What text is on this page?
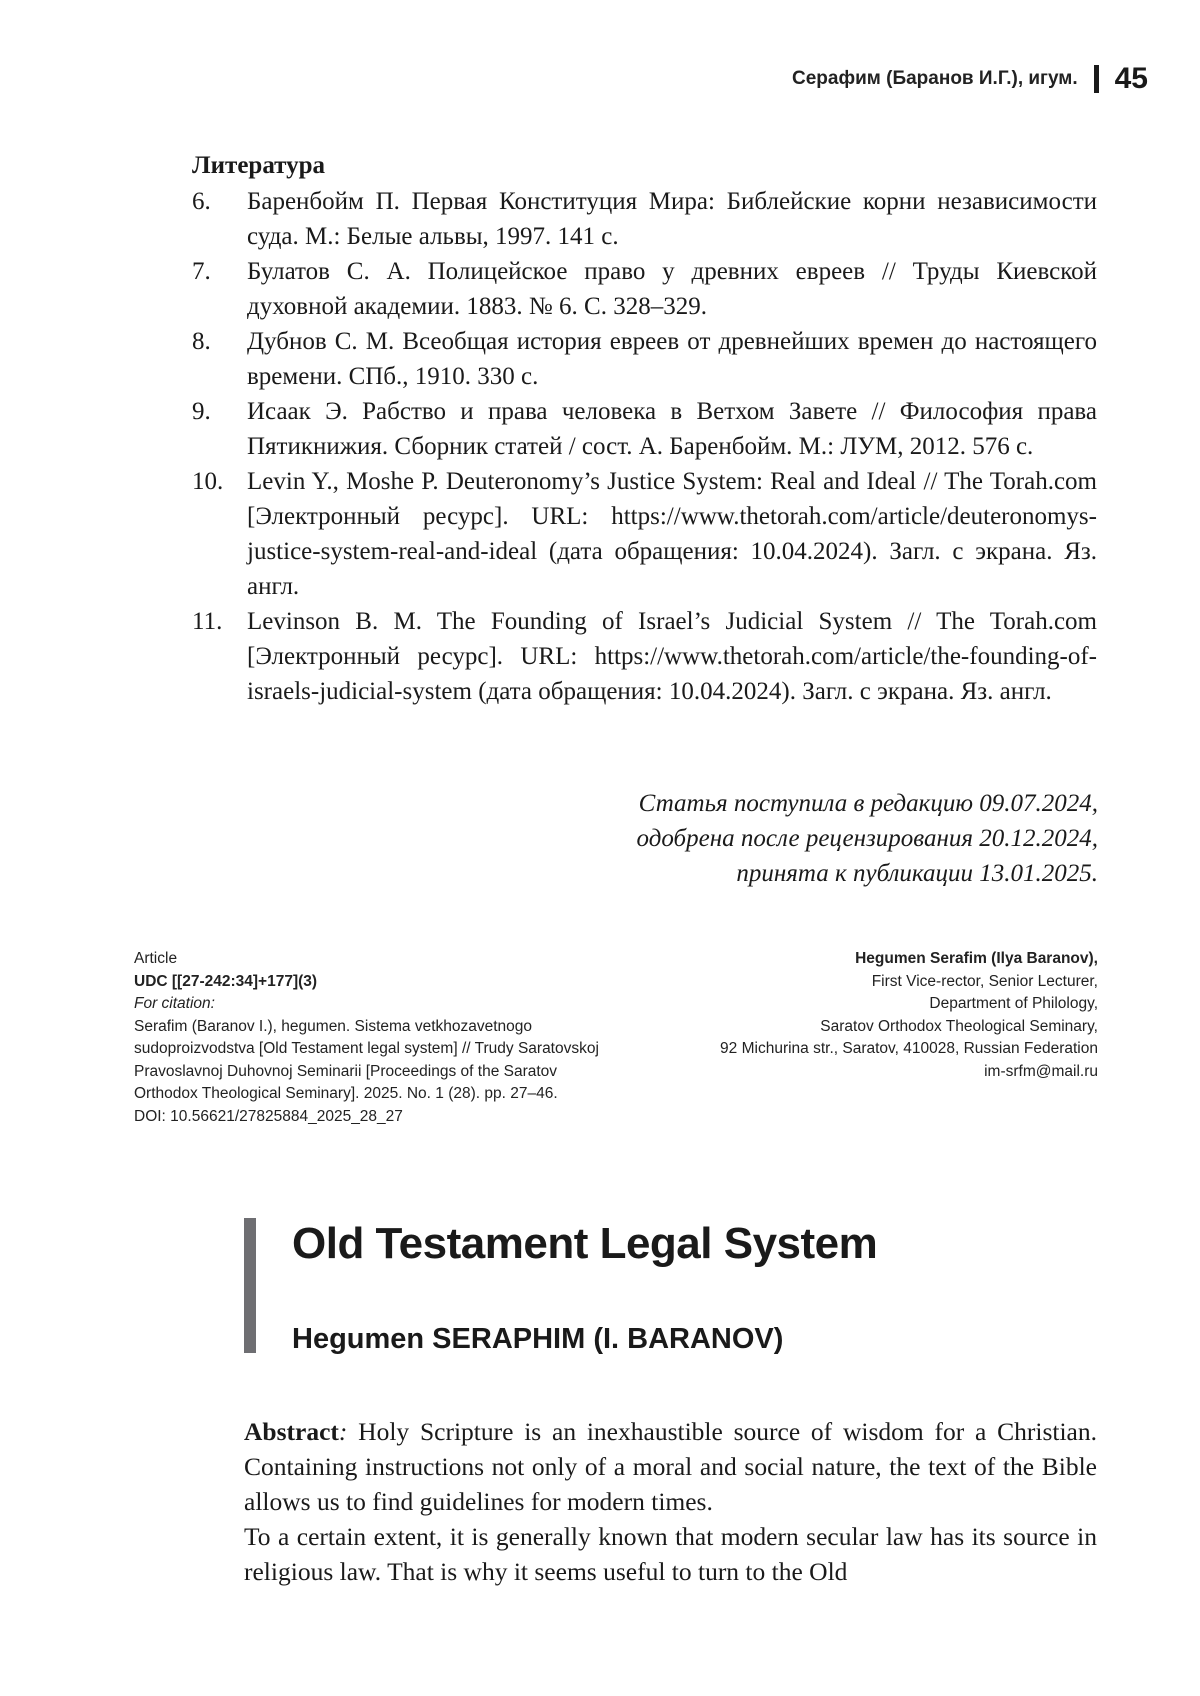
Серафим (Баранов И.Г.), игум. 45
Литература
6.	Баренбойм П. Первая Конституция Мира: Библейские корни независимости суда. М.: Белые альвы, 1997. 141 с.
7.	Булатов С. А. Полицейское право у древних евреев // Труды Киевской духовной академии. 1883. № 6. С. 328–329.
8.	Дубнов С. М. Всеобщая история евреев от древнейших времен до настоящего времени. СПб., 1910. 330 с.
9.	Исаак Э. Рабство и права человека в Ветхом Завете // Философия права Пятикнижия. Сборник статей / сост. А. Баренбойм. М.: ЛУМ, 2012. 576 с.
10. Levin Y., Moshe P. Deuteronomy’s Justice System: Real and Ideal // The Torah.com [Электронный ресурс]. URL: https://www.thetorah.com/article/deuteronomys-justice-system-real-and-ideal (дата обращения: 10.04.2024). Загл. с экрана. Яз. англ.
11. Levinson B. M. The Founding of Israel’s Judicial System // The Torah.com [Электронный ресурс]. URL: https://www.thetorah.com/article/the-founding-of-israels-judicial-system (дата обращения: 10.04.2024). Загл. с экрана. Яз. англ.
Статья поступила в редакцию 09.07.2024,
одобрена после рецензирования 20.12.2024,
принята к публикации 13.01.2025.
Article
UDC [[27-242:34]+177](3)
For citation:
Serafim (Baranov I.), hegumen. Sistema vetkhozavetnogo sudoproizvodstva [Old Testament legal system] // Trudy Saratovskoj Pravoslavnoj Duhovnoj Seminarii [Proceedings of the Saratov Orthodox Theological Seminary]. 2025. No. 1 (28). pp. 27–46.
DOI: 10.56621/27825884_2025_28_27
Hegumen Serafim (Ilya Baranov),
First Vice-rector, Senior Lecturer,
Department of Philology,
Saratov Orthodox Theological Seminary,
92 Michurina str., Saratov, 410028, Russian Federation
im-srfm@mail.ru
Old Testament Legal System
Hegumen SERAPHIM (I. BARANOV)

Abstract: Holy Scripture is an inexhaustible source of wisdom for a Christian. Containing instructions not only of a moral and social nature, the text of the Bible allows us to find guidelines for modern times.

To a certain extent, it is generally known that modern secular law has its source in religious law. That is why it seems useful to turn to the Old
